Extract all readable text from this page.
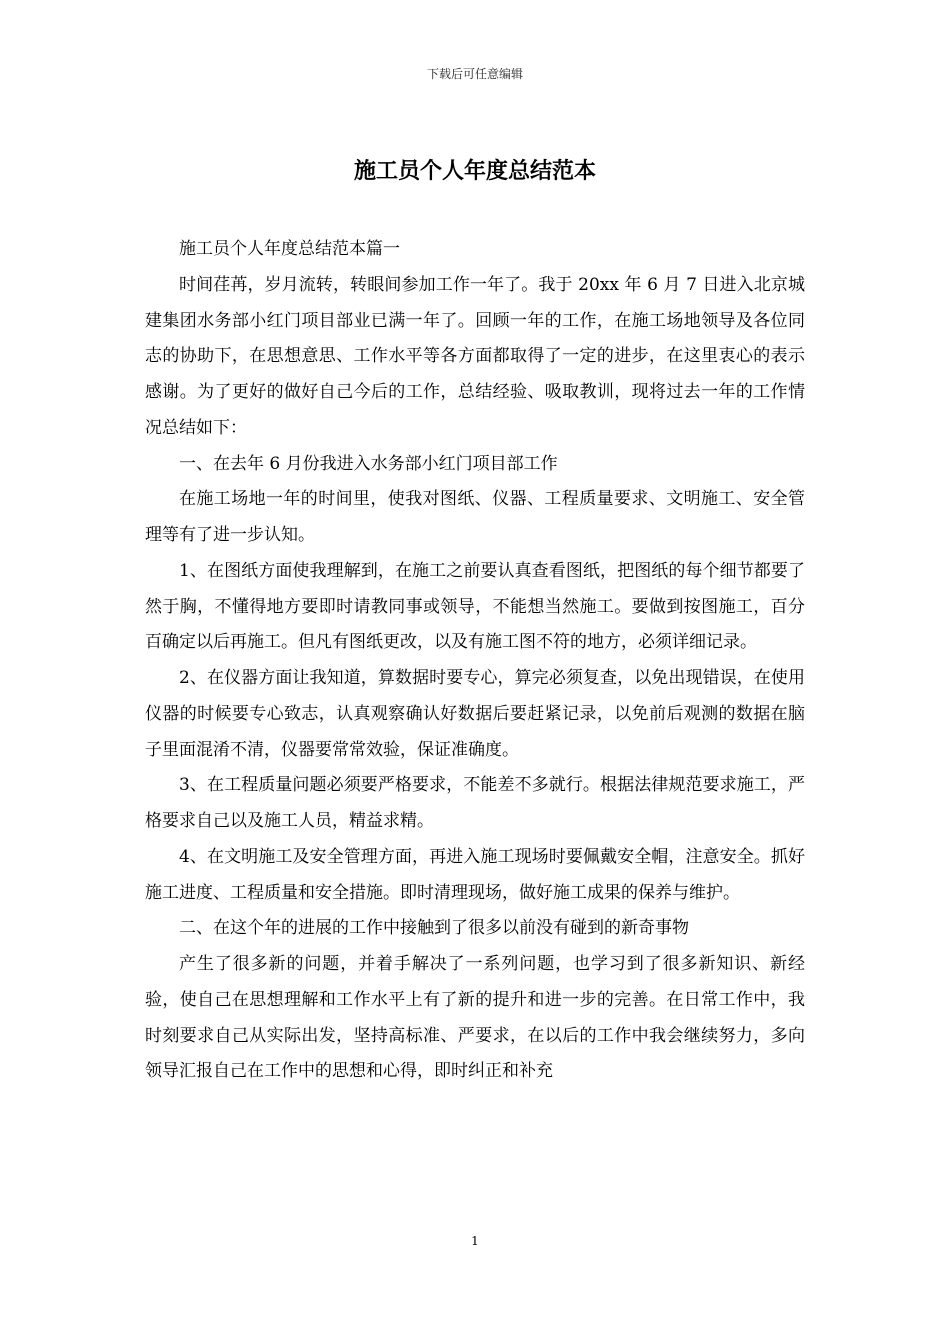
下载后可任意编辑
施工员个人年度总结范本

施工员个人年度总结范本篇一

时间荏苒，岁月流转，转眼间参加工作一年了。我于 20xx 年 6 月 7 日进入北京城建集团水务部小红门项目部业已满一年了。回顾一年的工作，在施工场地领导及各位同志的协助下，在思想意思、工作水平等各方面都取得了一定的进步，在这里衷心的表示感谢。为了更好的做好自己今后的工作，总结经验、吸取教训，现将过去一年的工作情况总结如下：

一、在去年 6 月份我进入水务部小红门项目部工作

在施工场地一年的时间里，使我对图纸、仪器、工程质量要求、文明施工、安全管理等有了进一步认知。

1、在图纸方面使我理解到，在施工之前要认真查看图纸，把图纸的每个细节都要了然于胸，不懂得地方要即时请教同事或领导，不能想当然施工。要做到按图施工，百分百确定以后再施工。但凡有图纸更改，以及有施工图不符的地方，必须详细记录。

2、在仪器方面让我知道，算数据时要专心，算完必须复查，以免出现错误，在使用仪器的时候要专心致志，认真观察确认好数据后要赶紧记录，以免前后观测的数据在脑子里面混淆不清，仪器要常常效验，保证准确度。

3、在工程质量问题必须要严格要求，不能差不多就行。根据法律规范要求施工，严格要求自己以及施工人员，精益求精。

4、在文明施工及安全管理方面，再进入施工现场时要佩戴安全帽，注意安全。抓好施工进度、工程质量和安全措施。即时清理现场，做好施工成果的保养与维护。

二、在这个年的进展的工作中接触到了很多以前没有碰到的新奇事物

产生了很多新的问题，并着手解决了一系列问题，也学习到了很多新知识、新经验，使自己在思想理解和工作水平上有了新的提升和进一步的完善。在日常工作中，我时刻要求自己从实际出发，坚持高标准、严要求，在以后的工作中我会继续努力，多向领导汇报自己在工作中的思想和心得，即时纠正和补充

1
